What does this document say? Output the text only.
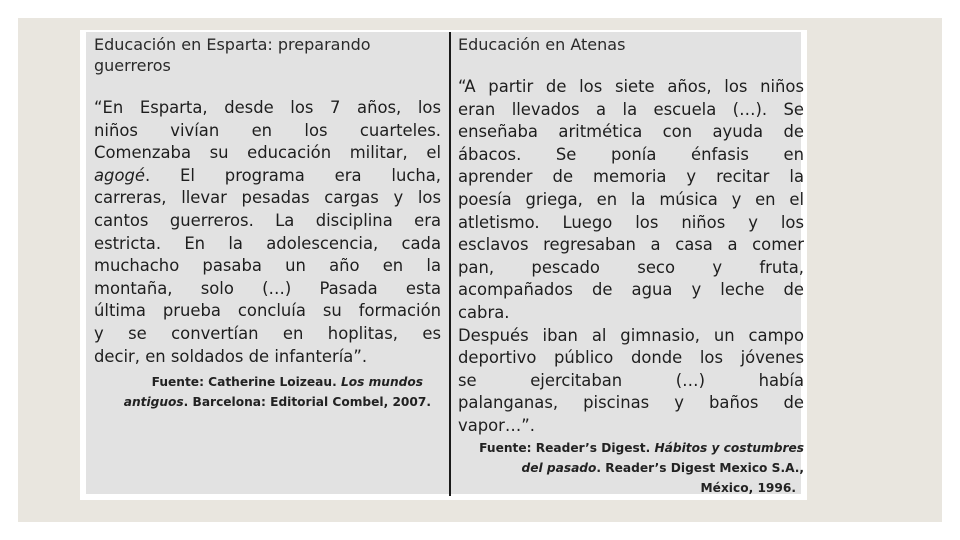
Educación en Esparta: preparando guerreros
“En Esparta, desde los 7 años, los
niños vivían en los cuarteles.
Comenzaba su educación militar, el
agogé. El programa era lucha,
carreras, llevar pesadas cargas y los
cantos guerreros. La disciplina era
estricta. En la adolescencia, cada
muchacho pasaba un año en la
montaña, solo (…) Pasada esta
última prueba concluía su formación
y se convertían en hoplitas, es
decir, en soldados de infantería”.
Fuente: Catherine Loizeau. Los mundos
antiguos. Barcelona: Editorial Combel, 2007.
Educación en Atenas
“A partir de los siete años, los niños
eran llevados a la escuela (…). Se
enseñaba aritmética con ayuda de
ábacos. Se ponía énfasis en
aprender de memoria y recitar la
poesía griega, en la música y en el
atletismo. Luego los niños y los
esclavos regresaban a casa a comer
pan, pescado seco y fruta,
acompañados de agua y leche de
cabra.
Después iban al gimnasio, un campo
deportivo público donde los jóvenes
se ejercitaban (…) había
palanganas, piscinas y baños de
vapor…”.
Fuente: Reader’s Digest. Hábitos y costumbres
del pasado. Reader’s Digest Mexico S.A.,
México, 1996.
